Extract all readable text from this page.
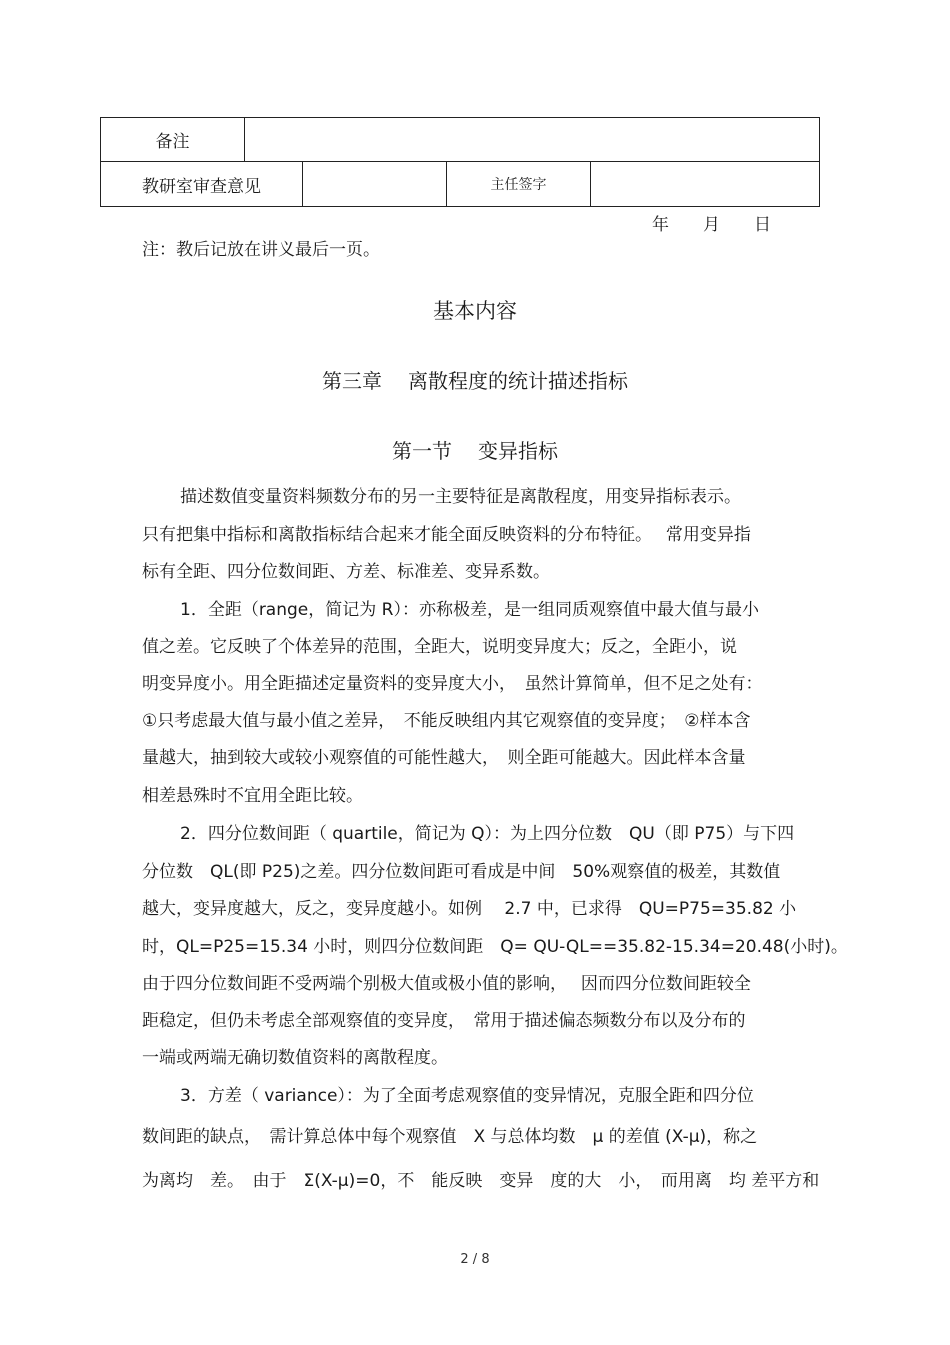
备注				
教研室审查意见			主任签字	
年 月 日
注：教后记放在讲义最后一页。
基本内容
第三章 离散程度的统计描述指标
第一节 变异指标
描述数值变量资料频数分布的另一主要特征是离散程度，用变异指标表示。
只有把集中指标和离散指标结合起来才能全面反映资料的分布特征。　 常用变异指
标有全距、四分位数间距、方差、标准差、变异系数。
1．全距（range，简记为 R）：亦称极差，是一组同质观察值中最大值与最小
值之差。它反映了个体差异的范围，全距大，说明变异度大；反之，全距小，说
明变异度小。用全距描述定量资料的变异度大小，　虽然计算简单，但不足之处有：
①只考虑最大值与最小值之差异，　不能反映组内其它观察值的变异度；　②样本含
量越大，抽到较大或较小观察值的可能性越大，　则全距可能越大。因此样本含量
相差悬殊时不宜用全距比较。
2．四分位数间距（ quartile，简记为 Q）：为上四分位数　QU（即 P75）与下四
分位数　QL(即 P25)之差。四分位数间距可看成是中间　50%观察值的极差，其数值
越大，变异度越大，反之，变异度越小。如例　 2.7 中，已求得　QU=P75=35.82 小
时，QL=P25=15.34 小时，则四分位数间距　Q= QU-QL==35.82-15.34=20.48(小时)。
由于四分位数间距不受两端个别极大值或极小值的影响，　 因而四分位数间距较全
距稳定，但仍未考虑全部观察值的变异度，　常用于描述偏态频数分布以及分布的
一端或两端无确切数值资料的离散程度。
3．方差（ variance）：为了全面考虑观察值的变异情况，克服全距和四分位
数间距的缺点，　需计算总体中每个观察值　X 与总体均数　μ 的差值 (X-μ)，称之
为离均　差。　由于　Σ(X-μ)=0，不　能反映　变异　度的大　小，　而用离　均 差平方和
2 / 8
